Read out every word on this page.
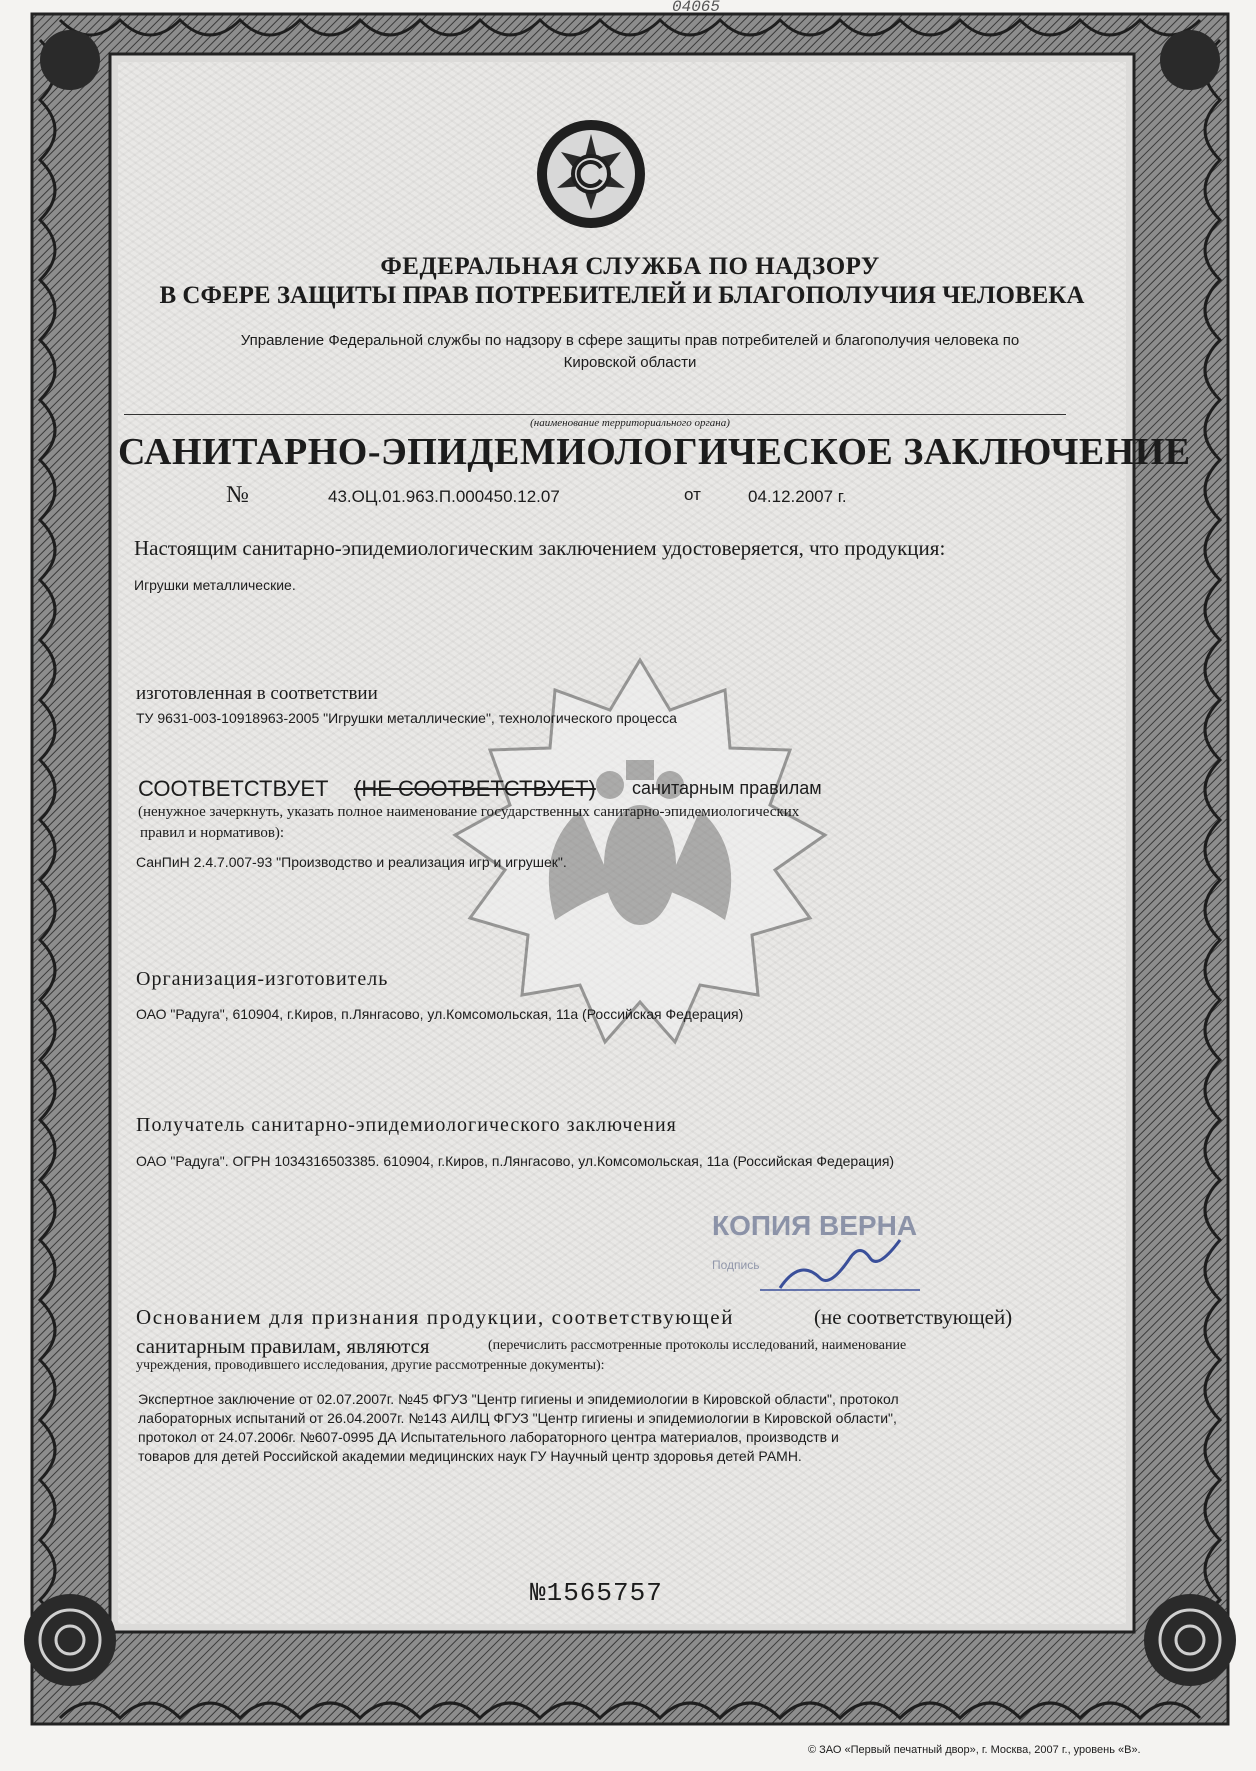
04065
ФЕДЕРАЛЬНАЯ СЛУЖБА ПО НАДЗОРУ
В СФЕРЕ ЗАЩИТЫ ПРАВ ПОТРЕБИТЕЛЕЙ И БЛАГОПОЛУЧИЯ ЧЕЛОВЕКА
Управление Федеральной службы по надзору в сфере защиты прав потребителей и благополучия человека по
Кировской области
(наименование территориального органа)
САНИТАРНО-ЭПИДЕМИОЛОГИЧЕСКОЕ ЗАКЛЮЧЕНИЕ
№	43.ОЦ.01.963.П.000450.12.07	от	04.12.2007 г.
Настоящим санитарно-эпидемиологическим заключением удостоверяется, что продукция:
Игрушки металлические.
изготовленная в соответствии
ТУ 9631-003-10918963-2005 "Игрушки металлические", технологического процесса
СООТВЕТСТВУЕТ (НЕ СООТВЕТСТВУЕТ) санитарным правилам
(ненужное зачеркнуть, указать полное наименование государственных санитарно-эпидемиологических
правил и нормативов):
СанПиН 2.4.7.007-93 "Производство и реализация игр и игрушек".
Организация-изготовитель
ОАО "Радуга", 610904, г.Киров, п.Лянгасово, ул.Комсомольская, 11а (Российская Федерация)
Получатель санитарно-эпидемиологического заключения
ОАО "Радуга". ОГРН 1034316503385. 610904, г.Киров, п.Лянгасово, ул.Комсомольская, 11а (Российская Федерация)
КОПИЯ ВЕРНА
Подпись
Основанием для признания продукции, соответствующей	(не соответствующей)
санитарным правилам, являются	(перечислить рассмотренные протоколы исследований, наименование
учреждения, проводившего исследования, другие рассмотренные документы):
Экспертное заключение от 02.07.2007г. №45 ФГУЗ "Центр гигиены и эпидемиологии в Кировской области", протокол
лабораторных испытаний от 26.04.2007г. №143 АИЛЦ ФГУЗ "Центр гигиены и эпидемиологии в Кировской области",
протокол от 24.07.2006г. №607-0995 ДА Испытательного лабораторного центра материалов, производств и
товаров для детей Российской академии медицинских наук ГУ Научный центр здоровья детей РАМН.
№1565757
© ЗАО «Первый печатный двор», г. Москва, 2007 г., уровень «В».
